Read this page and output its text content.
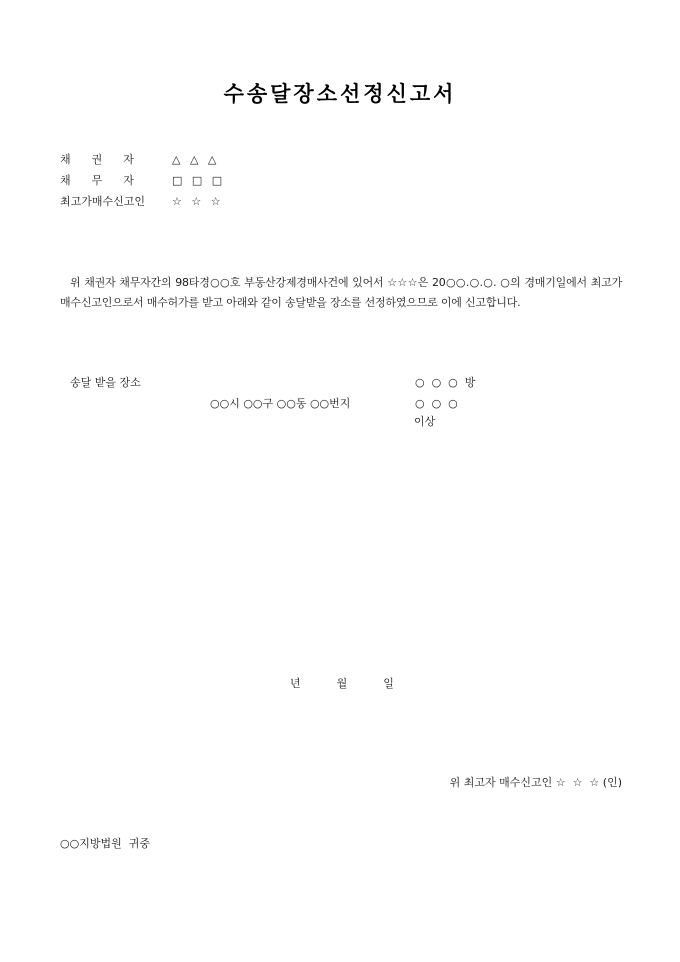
수송달장소선정신고서
채      권      자	△ △ △
채      무      자	□ □ □
최고가매수신고인 ☆ ☆ ☆
위 채권자 채무자간의 98타경○○호 부동산강제경매사건에 있어서 ☆☆☆은 20○○.○.○. ○의 경매기일에서 최고가 매수신고인으로서 매수허가를 받고 아래와 같이 송달받을 장소를 선정하였으므로 이에 신고합니다.
송달 받을 장소	○  ○  ○  방
○○시 ○○구 ○○동 ○○번지	○  ○  ○
이상
년	월	일
위 최고자 매수신고인 ☆  ☆  ☆ (인)
○○지방법원  귀중
